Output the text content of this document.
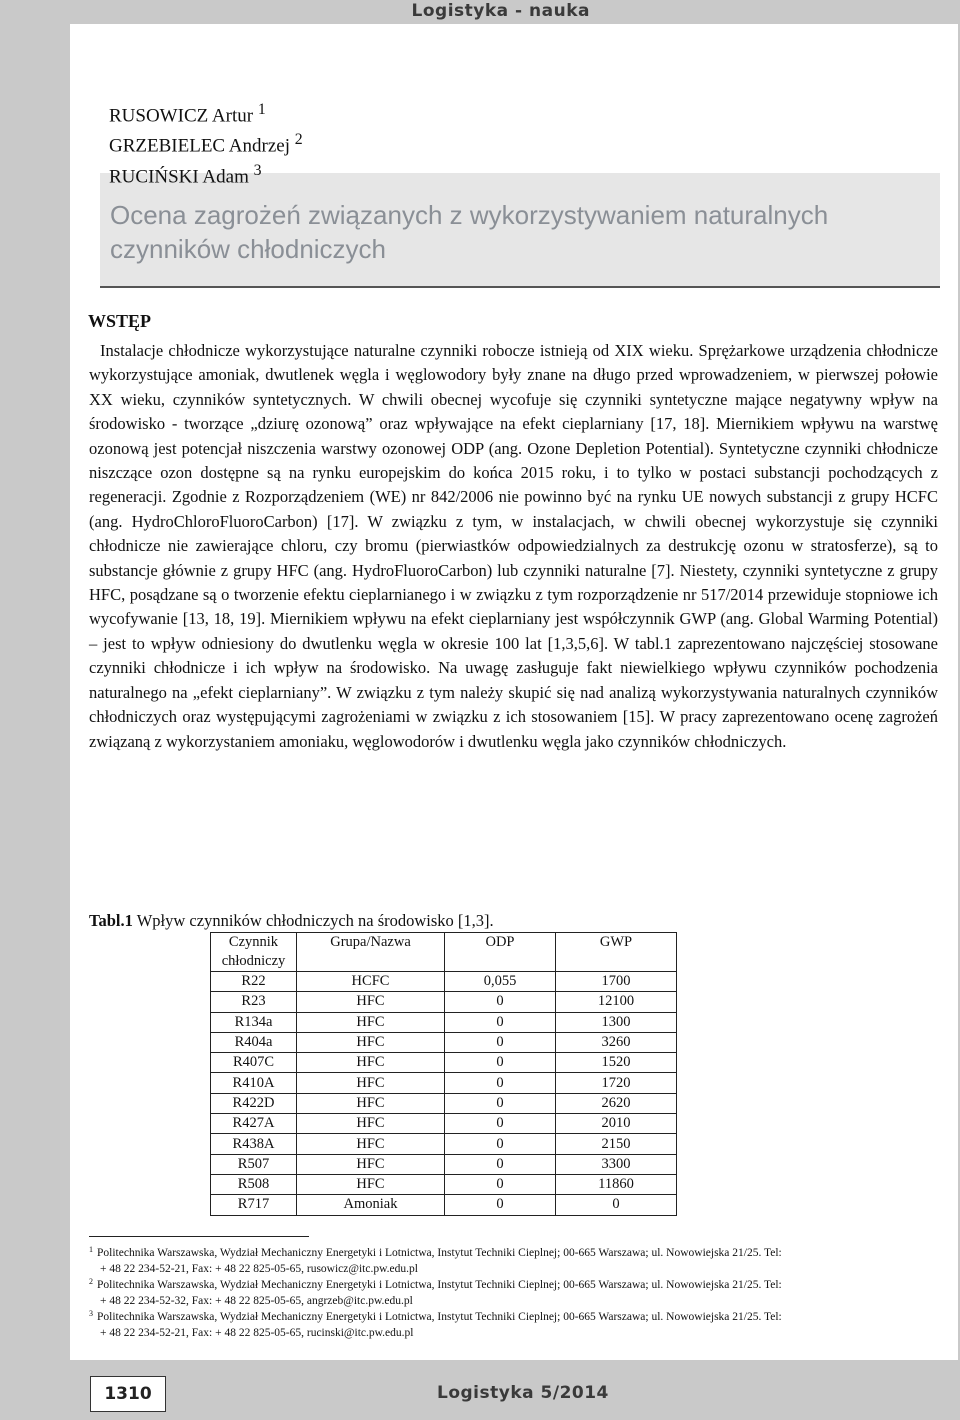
Logistyka - nauka
RUSOWICZ Artur $^1$
GRZEBIELEC Andrzej $^2$
RUCIŃSKI Adam $^3$
Ocena zagrożeń związanych z wykorzystywaniem naturalnych czynników chłodniczych
WSTĘP
Instalacje chłodnicze wykorzystujące naturalne czynniki robocze istnieją od XIX wieku. Sprężarkowe urządzenia chłodnicze wykorzystujące amoniak, dwutlenek węgla i węglowodory były znane na długo przed wprowadzeniem, w pierwszej połowie XX wieku, czynników syntetycznych. W chwili obecnej wycofuje się czynniki syntetyczne mające negatywny wpływ na środowisko - tworzące „dziurę ozonową” oraz wpływające na efekt cieplarniany [17, 18]. Miernikiem wpływu na warstwę ozonową jest potencjał niszczenia warstwy ozonowej ODP (ang. Ozone Depletion Potential). Syntetyczne czynniki chłodnicze niszczące ozon dostępne są na rynku europejskim do końca 2015 roku, i to tylko w postaci substancji pochodzących z regeneracji. Zgodnie z Rozporządzeniem (WE) nr 842/2006 nie powinno być na rynku UE nowych substancji z grupy HCFC (ang. HydroChloroFluoroCarbon) [17]. W związku z tym, w instalacjach, w chwili obecnej wykorzystuje się czynniki chłodnicze nie zawierające chloru, czy bromu (pierwiastków odpowiedzialnych za destrukcję ozonu w stratosferze), są to substancje głównie z grupy HFC (ang. HydroFluoroCarbon) lub czynniki naturalne [7]. Niestety, czynniki syntetyczne z grupy HFC, posądzane są o tworzenie efektu cieplarnianego i w związku z tym rozporządzenie nr 517/2014 przewiduje stopniowe ich wycofywanie [13, 18, 19]. Miernikiem wpływu na efekt cieplarniany jest współczynnik GWP (ang. Global Warming Potential) – jest to wpływ odniesiony do dwutlenku węgla w okresie 100 lat [1,3,5,6]. W tabl.1 zaprezentowano najczęściej stosowane czynniki chłodnicze i ich wpływ na środowisko. Na uwagę zasługuje fakt niewielkiego wpływu czynników pochodzenia naturalnego na „efekt cieplarniany”. W związku z tym należy skupić się nad analizą wykorzystywania naturalnych czynników chłodniczych oraz występującymi zagrożeniami w związku z ich stosowaniem [15]. W pracy zaprezentowano ocenę zagrożeń związaną z wykorzystaniem amoniaku, węglowodorów i dwutlenku węgla jako czynników chłodniczych.
Tabl.1 Wpływ czynników chłodniczych na środowisko [1,3].
Czynnik chłodniczy	Grupa/Nazwa	ODP	GWP
R22	HCFC	0,055	1700
R23	HFC	0	12100
R134a	HFC	0	1300
R404a	HFC	0	3260
R407C	HFC	0	1520
R410A	HFC	0	1720
R422D	HFC	0	2620
R427A	HFC	0	2010
R438A	HFC	0	2150
R507	HFC	0	3300
R508	HFC	0	11860
R717	Amoniak	0	0
1 Politechnika Warszawska, Wydział Mechaniczny Energetyki i Lotnictwa, Instytut Techniki Cieplnej; 00-665 Warszawa; ul. Nowowiejska 21/25. Tel:
+ 48 22 234-52-21, Fax: + 48 22 825-05-65, rusowicz@itc.pw.edu.pl
2 Politechnika Warszawska, Wydział Mechaniczny Energetyki i Lotnictwa, Instytut Techniki Cieplnej; 00-665 Warszawa; ul. Nowowiejska 21/25. Tel:
+ 48 22 234-52-32, Fax: + 48 22 825-05-65, angrzeb@itc.pw.edu.pl
3 Politechnika Warszawska, Wydział Mechaniczny Energetyki i Lotnictwa, Instytut Techniki Cieplnej; 00-665 Warszawa; ul. Nowowiejska 21/25. Tel:
+ 48 22 234-52-21, Fax: + 48 22 825-05-65, rucinski@itc.pw.edu.pl
1310	Logistyka 5/2014
